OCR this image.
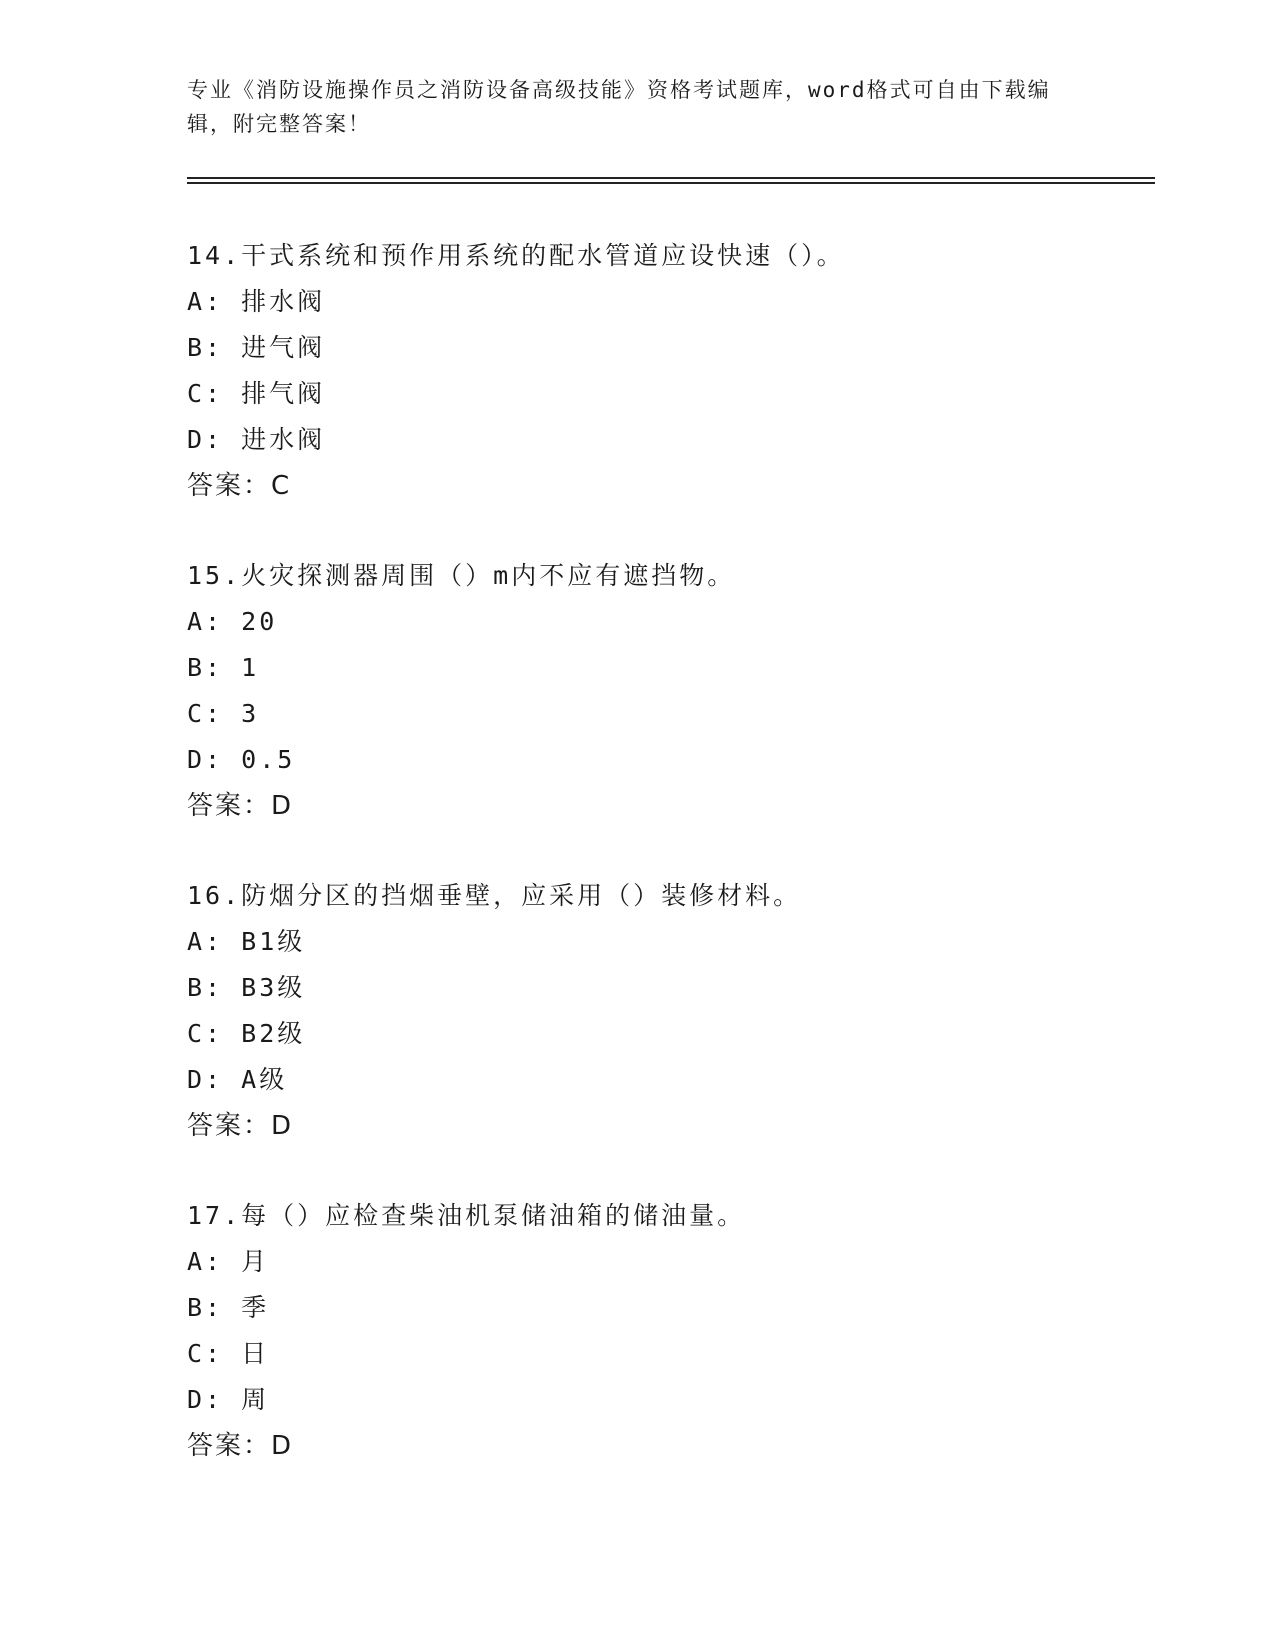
专业《消防设施操作员之消防设备高级技能》资格考试题库，word格式可自由下载编辑，附完整答案！
14.干式系统和预作用系统的配水管道应设快速（）。
A: 排水阀
B: 进气阀
C: 排气阀
D: 进水阀
答案：C
15.火灾探测器周围（）m内不应有遮挡物。
A: 20
B: 1
C: 3
D: 0.5
答案：D
16.防烟分区的挡烟垂壁，应采用（）装修材料。
A: B1级
B: B3级
C: B2级
D: A级
答案：D
17.每（）应检查柴油机泵储油箱的储油量。
A: 月
B: 季
C: 日
D: 周
答案：D
